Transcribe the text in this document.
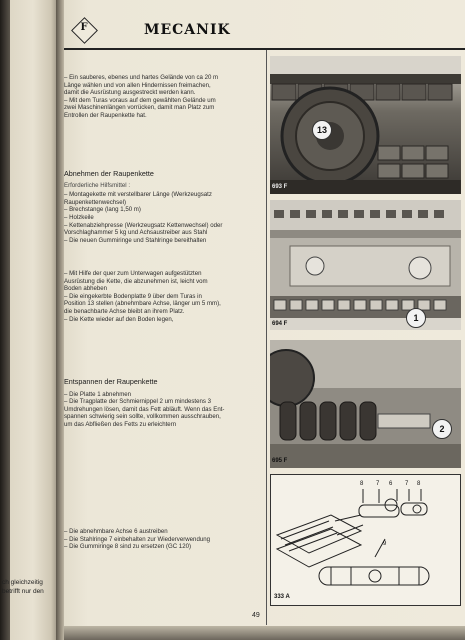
ch gleichzeitig
betrifft nur den
F	MECANIK

– Ein sauberes, ebenes und hartes Gelände von ca 20 m

Länge wählen und von allen Hindernissen freimachen,

damit die Ausrüstung ausgestreckt werden kann.

– Mit dem Turas voraus auf dem gewählten Gelände um

zwei Maschinenlängen vorrücken, damit man Platz zum

Entrollen der Raupenkette hat.

Abnehmen der Raupenkette

Erforderliche Hilfsmittel :

– Montagekette mit verstellbarer Länge (Werkzeugsatz

Raupenkettenwechsel)

– Brechstange (lang 1,50 m)

– Holzkeile

– Kettenabziehpresse (Werkzeugsatz Kettenwechsel) oder

Vorschlaghammer 5 kg und Achsaustreiber aus Stahl

– Die neuen Gummiringe und Stahlringe bereithalten

– Mit Hilfe der quer zum Unterwagen aufgestützten

Ausrüstung die Kette, die abzunehmen ist, leicht vom

Boden abheben

– Die eingekerbte Bodenplatte 9 über dem Turas in

Position 13 stellen (abnehmbare Achse, länger um 5 mm),

die benachbarte Achse bleibt an ihrem Platz.

– Die Kette wieder auf den Boden legen,

Entspannen der Raupenkette

– Die Platte 1 abnehmen

– Die Tragplatte der Schmiernippel 2 um mindestens 3

Umdrehungen lösen, damit das Fett abläuft. Wenn das Ent-

spannen schwierig sein sollte, vollkommen ausschrauben,

um das Abfließen des Fetts zu erleichtern

– Die abnehmbare Achse 6 austreiben

– Die Stahlringe 7 einbehalten zur Wiederverwendung

– Die Gummiringe 8 sind zu ersetzen (GC 120)

13
693 F
1
694 F
2
695 F
8 7 6 7 8
9
333 A
49
